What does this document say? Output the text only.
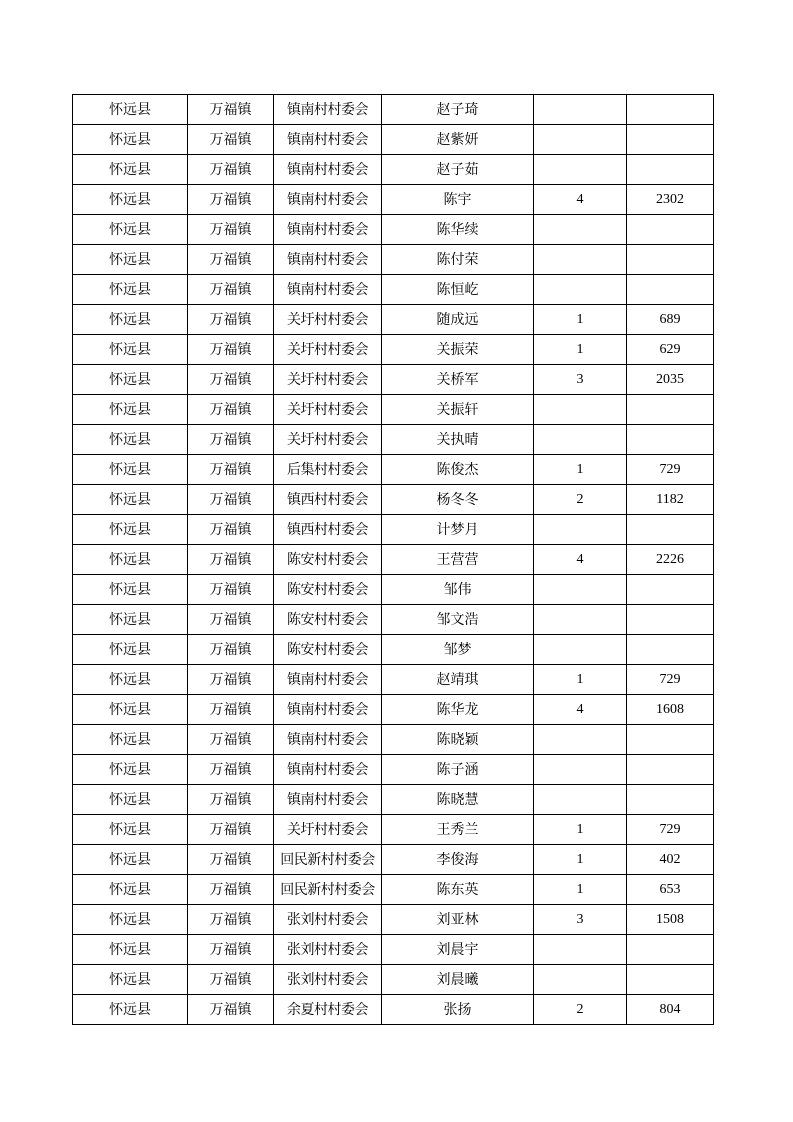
怀远县	万福镇	镇南村村委会	赵子琦		
怀远县	万福镇	镇南村村委会	赵紫妍		
怀远县	万福镇	镇南村村委会	赵子茹		
怀远县	万福镇	镇南村村委会	陈宇	4	2302
怀远县	万福镇	镇南村村委会	陈华续		
怀远县	万福镇	镇南村村委会	陈付荣		
怀远县	万福镇	镇南村村委会	陈恒屹		
怀远县	万福镇	关圩村村委会	随成远	1	689
怀远县	万福镇	关圩村村委会	关振荣	1	629
怀远县	万福镇	关圩村村委会	关桥军	3	2035
怀远县	万福镇	关圩村村委会	关振轩		
怀远县	万福镇	关圩村村委会	关执晴		
怀远县	万福镇	后集村村委会	陈俊杰	1	729
怀远县	万福镇	镇西村村委会	杨冬冬	2	1182
怀远县	万福镇	镇西村村委会	计梦月		
怀远县	万福镇	陈安村村委会	王营营	4	2226
怀远县	万福镇	陈安村村委会	邹伟		
怀远县	万福镇	陈安村村委会	邹文浩		
怀远县	万福镇	陈安村村委会	邹梦		
怀远县	万福镇	镇南村村委会	赵靖琪	1	729
怀远县	万福镇	镇南村村委会	陈华龙	4	1608
怀远县	万福镇	镇南村村委会	陈晓颖		
怀远县	万福镇	镇南村村委会	陈子涵		
怀远县	万福镇	镇南村村委会	陈晓慧		
怀远县	万福镇	关圩村村委会	王秀兰	1	729
怀远县	万福镇	回民新村村委会	李俊海	1	402
怀远县	万福镇	回民新村村委会	陈东英	1	653
怀远县	万福镇	张刘村村委会	刘亚林	3	1508
怀远县	万福镇	张刘村村委会	刘晨宇		
怀远县	万福镇	张刘村村委会	刘晨曦		
怀远县	万福镇	余夏村村委会	张扬	2	804
